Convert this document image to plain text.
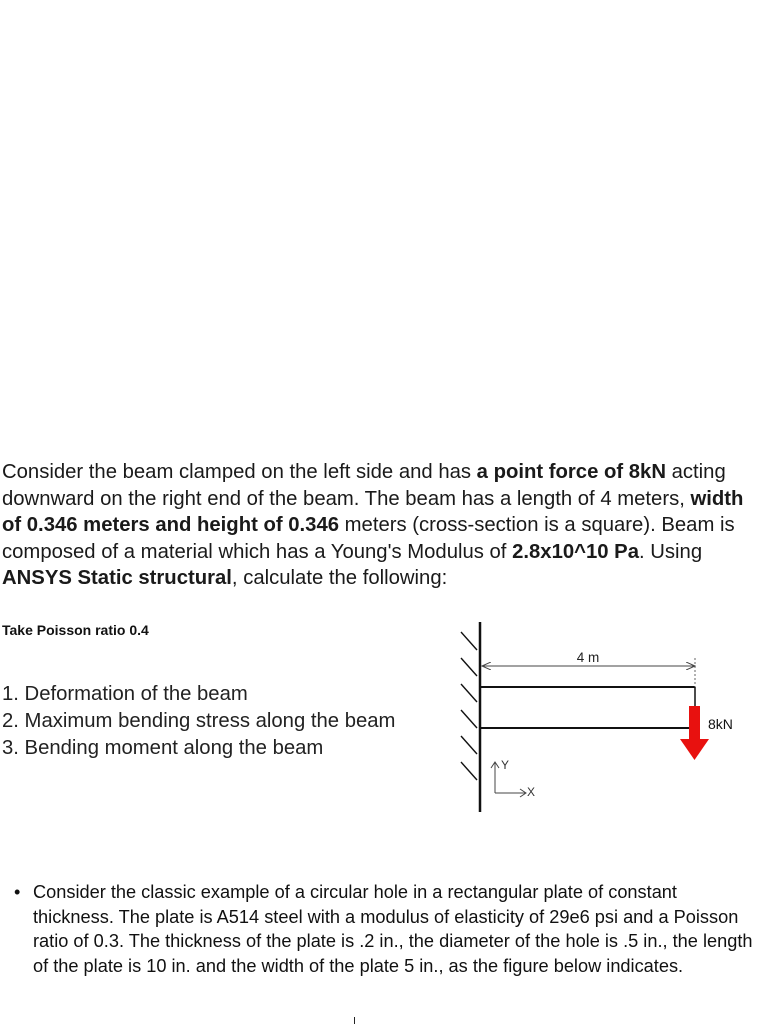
Consider the beam clamped on the left side and has a point force of 8kN acting downward on the right end of the beam. The beam has a length of 4 meters, width of 0.346 meters and height of 0.346 meters (cross-section is a square). Beam is composed of a material which has a Young's Modulus of 2.8x10^10 Pa. Using ANSYS Static structural, calculate the following:
Take Poisson ratio 0.4
1. Deformation of the beam
2. Maximum bending stress along the beam
3. Bending moment along the beam
4 m
8kN
Y
X
• Consider the classic example of a circular hole in a rectangular plate of constant thickness. The plate is A514 steel with a modulus of elasticity of 29e6 psi and a Poisson ratio of 0.3. The thickness of the plate is .2 in., the diameter of the hole is .5 in., the length of the plate is 10 in. and the width of the plate 5 in., as the figure below indicates.
